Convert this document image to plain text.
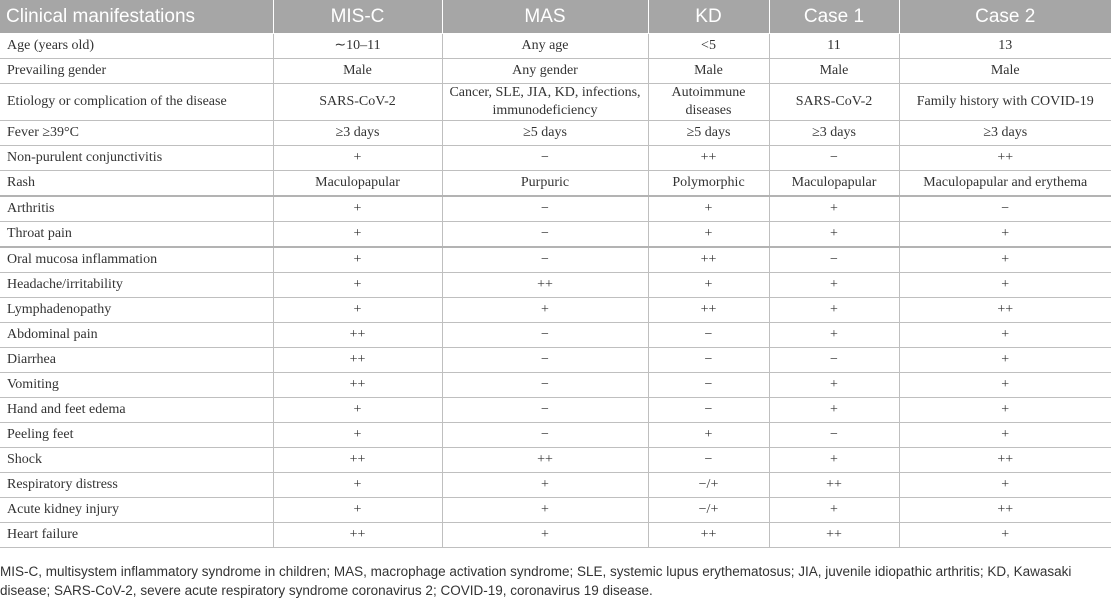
Clinical manifestations	MIS-C	MAS	KD	Case 1	Case 2
Age (years old)	∼10–11	Any age	<5	11	13
Prevailing gender	Male	Any gender	Male	Male	Male
Etiology or complication of the disease	SARS-CoV-2	Cancer, SLE, JIA, KD, infections, immunodeficiency	Autoimmune diseases	SARS-CoV-2	Family history with COVID-19
Fever ≥39°C	≥3 days	≥5 days	≥5 days	≥3 days	≥3 days
Non-purulent conjunctivitis	+	−	++	−	++
Rash	Maculopapular	Purpuric	Polymorphic	Maculopapular	Maculopapular and erythema
Arthritis	+	−	+	+	−
Throat pain	+	−	+	+	+
Oral mucosa inflammation	+	−	++	−	+
Headache/irritability	+	++	+	+	+
Lymphadenopathy	+	+	++	+	++
Abdominal pain	++	−	−	+	+
Diarrhea	++	−	−	−	+
Vomiting	++	−	−	+	+
Hand and feet edema	+	−	−	+	+
Peeling feet	+	−	+	−	+
Shock	++	++	−	+	++
Respiratory distress	+	+	−/+	++	+
Acute kidney injury	+	+	−/+	+	++
Heart failure	++	+	++	++	+
MIS-C, multisystem inflammatory syndrome in children; MAS, macrophage activation syndrome; SLE, systemic lupus erythematosus; JIA, juvenile idiopathic arthritis; KD, Kawasaki disease; SARS-CoV-2, severe acute respiratory syndrome coronavirus 2; COVID-19, coronavirus 19 disease.
